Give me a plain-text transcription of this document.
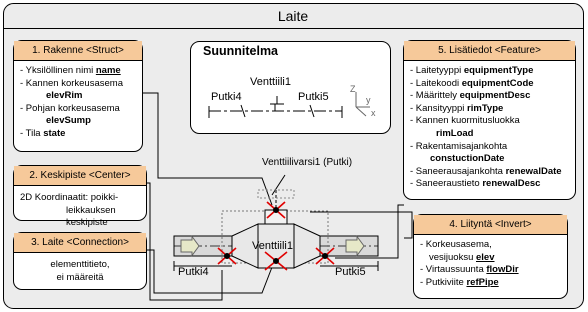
Laite
Suunnitelma
Venttiili1
Putki4	Putki5
Z
y
x
Venttiilivarsi1 (Putki)
Venttiili1
Putki4	Putki5
1. Rakenne <Struct>
- Yksilöllinen nimi name
- Kannen korkeusasema
elevRim
- Pohjan korkeusasema
elevSump
- Tila state
2. Keskipiste <Center>
2D Koordinaatit: poikki-
leikkauksen keskipiste
3. Laite <Connection>
elementtitieto,
ei määreitä
5. Lisätiedot <Feature>
- Laitetyyppi equipmentType
- Laitekoodi equipmentCode
- Määrittely equipmentDesc
- Kansityyppi rimType
- Kannen kuormitusluokka
rimLoad
- Rakentamisajankohta
constuctionDate
- Saneerausajankohta renewalDate
- Saneeraustieto renewalDesc
4. Liityntä <Invert>
- Korkeusasema,
vesijuoksu elev
- Virtaussuunta flowDir
- Putkiviite refPipe
